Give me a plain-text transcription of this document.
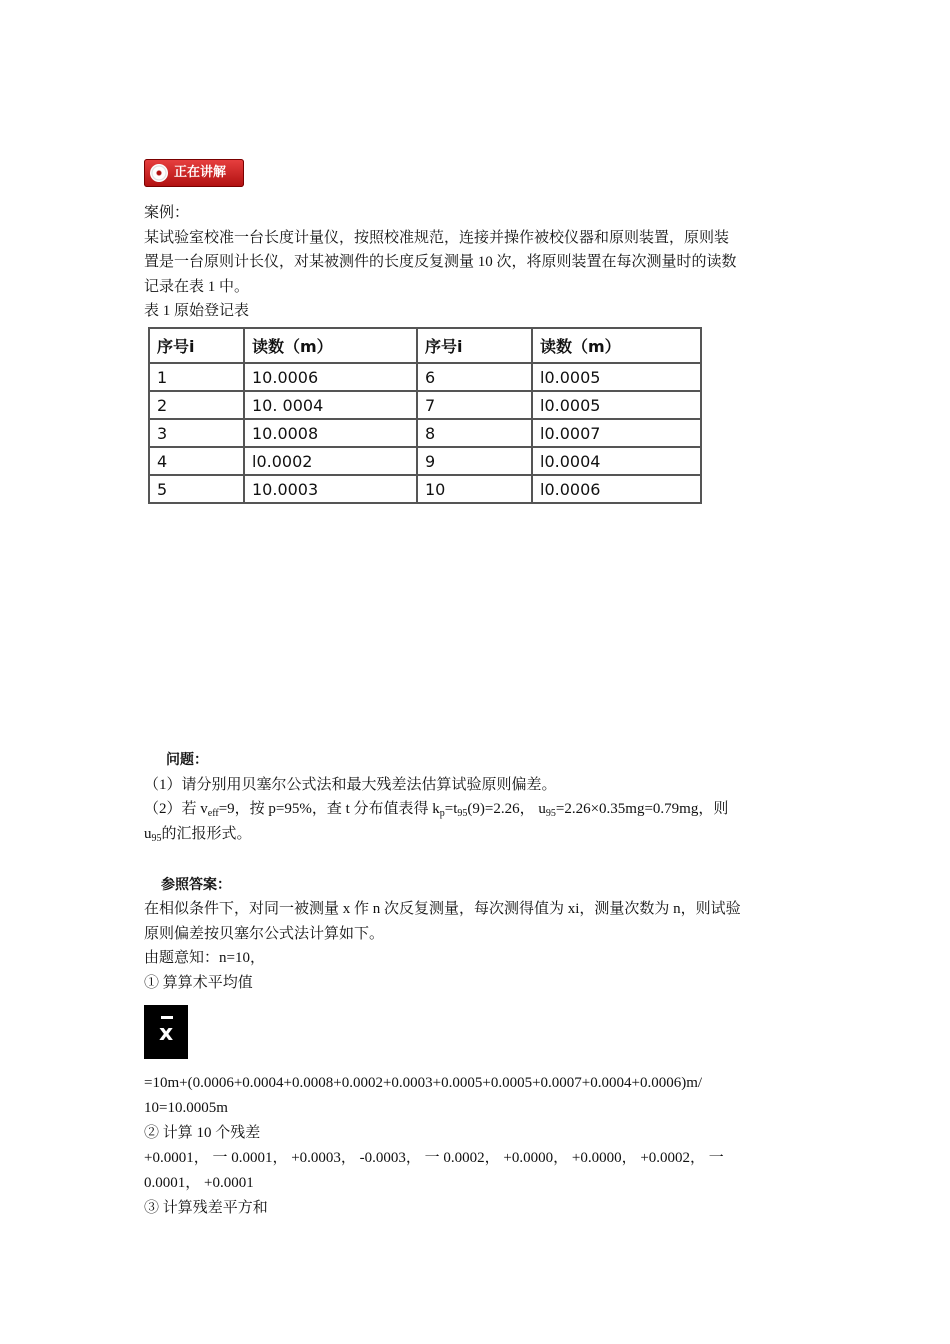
正在讲解
案例：
某试验室校准一台长度计量仪，按照校准规范，连接并操作被校仪器和原则装置，原则装
置是一台原则计长仪，对某被测件的长度反复测量 10 次，将原则装置在每次测量时的读数
记录在表 1 中。
表 1 原始登记表
序号i	读数（m）	序号i	读数（m）
1	10.0006	6	l0.0005
2	10. 0004	7	l0.0005
3	10.0008	8	l0.0007
4	l0.0002	9	l0.0004
5	10.0003	10	l0.0006
问题：
（1）请分别用贝塞尔公式法和最大残差法估算试验原则偏差。
（2）若 $v_{eff}=9$，按 p=95%，查 t 分布值表得 $k_p=t_{95}(9)=2.26$， $u_{95}=2.26\times 0.35mg=0.79mg$，则
$u_{95}$的汇报形式。
参照答案：
在相似条件下，对同一被测量 x 作 n 次反复测量，每次测得值为 xi，测量次数为 n，则试验
原则偏差按贝塞尔公式法计算如下。
由题意知：n=10，
① 算算术平均值
x
=10m+(0.0006+0.0004+0.0008+0.0002+0.0003+0.0005+0.0005+0.0007+0.0004+0.0006)m/
10=10.0005m
② 计算 10 个残差
+0.0001， 一 0.0001， +0.0003， -0.0003， 一 0.0002， +0.0000， +0.0000， +0.0002， 一
0.0001， +0.0001
③ 计算残差平方和
